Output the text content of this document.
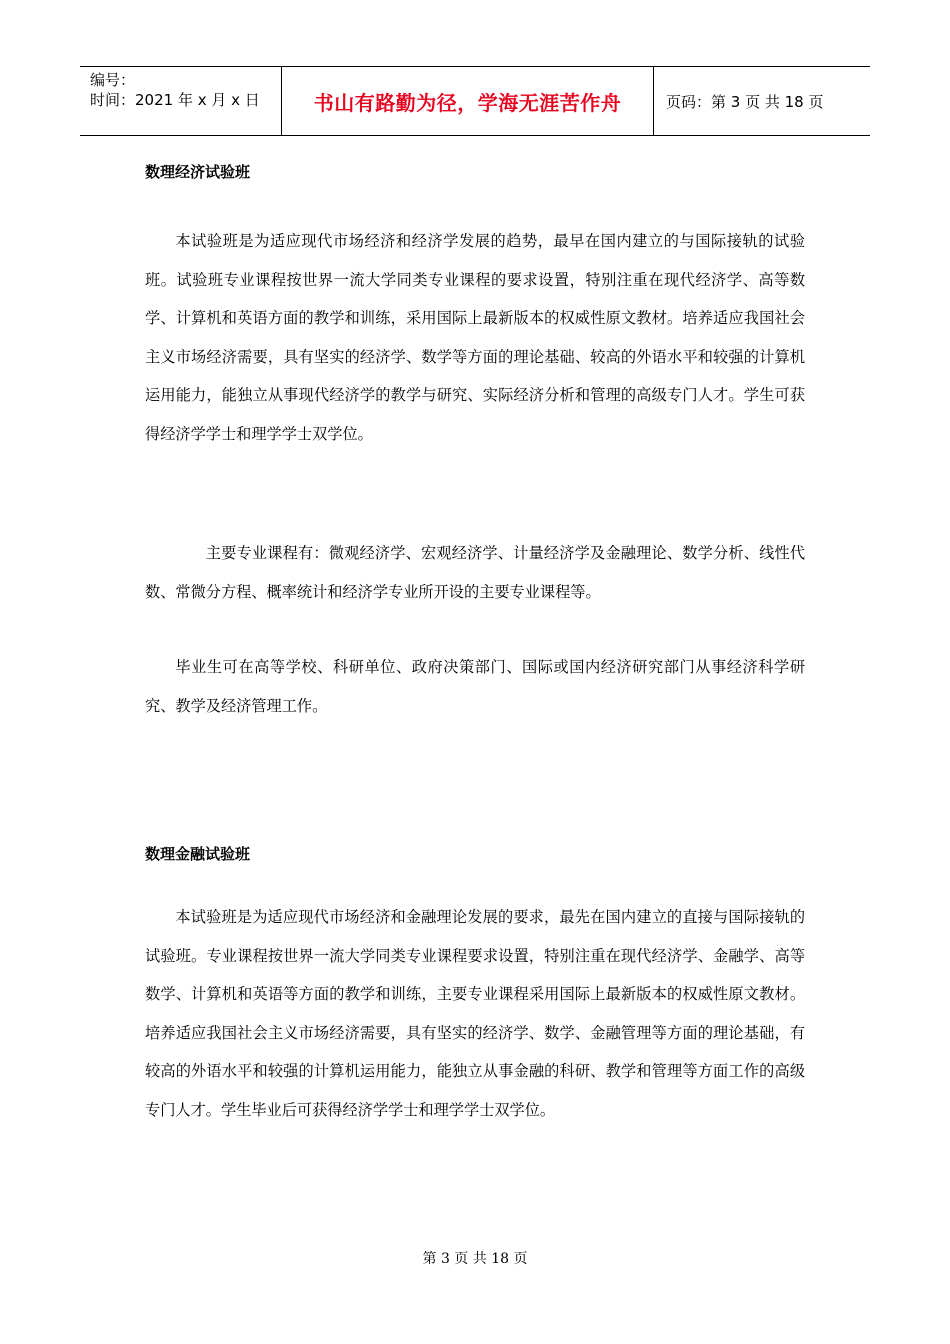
编号：
时间：2021 年 x 月 x 日	书山有路勤为径，学海无涯苦作舟	页码：第 3 页 共 18 页
数理经济试验班

本试验班是为适应现代市场经济和经济学发展的趋势，最早在国内建立的与国际接轨的试验班。试验班专业课程按世界一流大学同类专业课程的要求设置，特别注重在现代经济学、高等数学、计算机和英语方面的教学和训练，采用国际上最新版本的权威性原文教材。培养适应我国社会主义市场经济需要，具有坚实的经济学、数学等方面的理论基础、较高的外语水平和较强的计算机运用能力，能独立从事现代经济学的教学与研究、实际经济分析和管理的高级专门人才。学生可获得经济学学士和理学学士双学位。

主要专业课程有：微观经济学、宏观经济学、计量经济学及金融理论、数学分析、线性代数、常微分方程、概率统计和经济学专业所开设的主要专业课程等。

毕业生可在高等学校、科研单位、政府决策部门、国际或国内经济研究部门从事经济科学研究、教学及经济管理工作。

数理金融试验班

本试验班是为适应现代市场经济和金融理论发展的要求，最先在国内建立的直接与国际接轨的试验班。专业课程按世界一流大学同类专业课程要求设置，特别注重在现代经济学、金融学、高等数学、计算机和英语等方面的教学和训练，主要专业课程采用国际上最新版本的权威性原文教材。培养适应我国社会主义市场经济需要，具有坚实的经济学、数学、金融管理等方面的理论基础，有较高的外语水平和较强的计算机运用能力，能独立从事金融的科研、教学和管理等方面工作的高级专门人才。学生毕业后可获得经济学学士和理学学士双学位。

第 3 页 共 18 页
